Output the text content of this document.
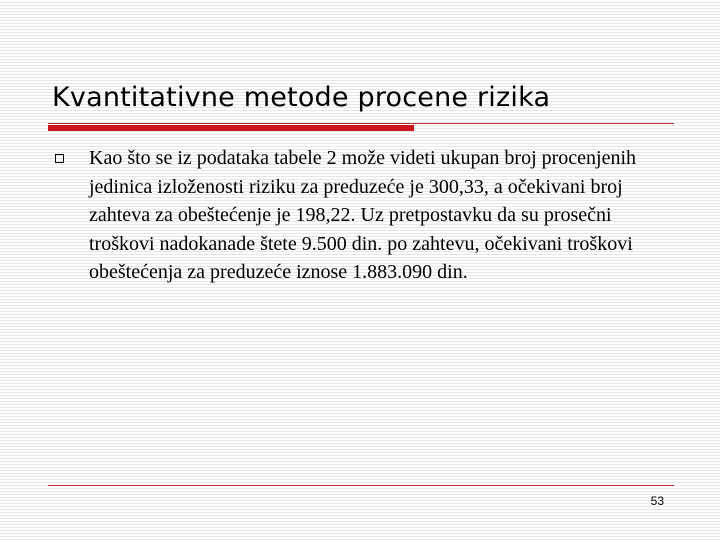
Kvantitativne metode procene rizika

Kao što se iz podataka tabele 2 može videti ukupan broj procenjenih jedinica izloženosti riziku za preduzeće je 300,33, a očekivani broj zahteva za obeštećenje je 198,22. Uz pretpostavku da su prosečni troškovi nadokanade štete 9.500 din. po zahtevu, očekivani troškovi obeštećenja za preduzeće iznose 1.883.090 din.

53
